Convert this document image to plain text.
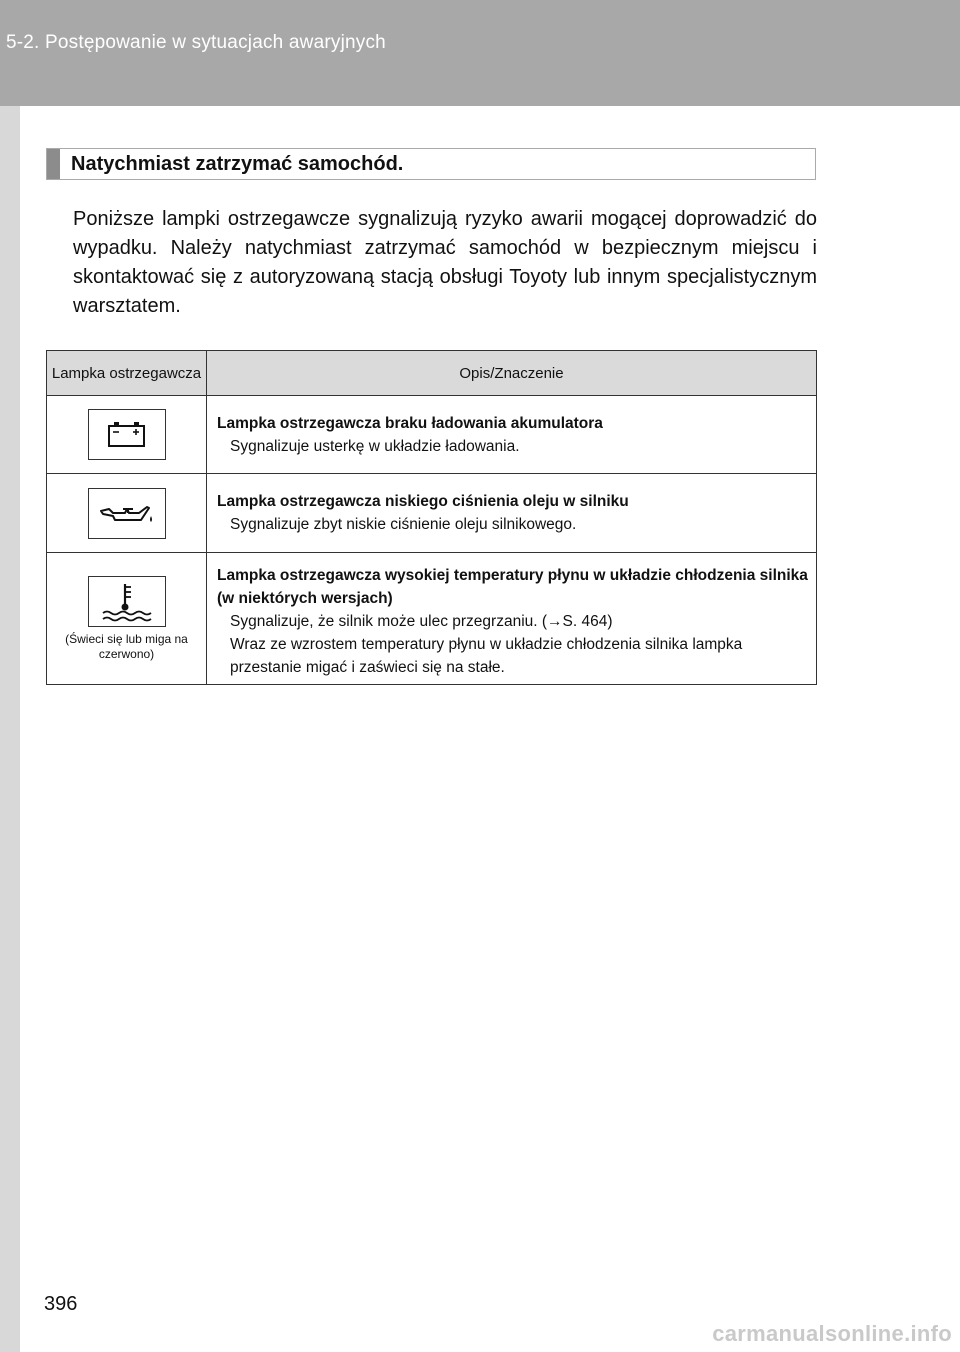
5-2. Postępowanie w sytuacjach awaryjnych
Natychmiast zatrzymać samochód.
Poniższe lampki ostrzegawcze sygnalizują ryzyko awarii mogącej doprowadzić do wypadku. Należy natychmiast zatrzymać samochód w bezpiecznym miejscu i skontaktować się z autoryzowaną stacją obsługi Toyoty lub innym specjalistycznym warsztatem.
Lampka ostrzegawcza	Opis/Znaczenie

Lampka ostrzegawcza braku ładowania akumulatora
Sygnalizuje usterkę w układzie ładowania.

Lampka ostrzegawcza niskiego ciśnienia oleju w silniku
Sygnalizuje zbyt niskie ciśnienie oleju silnikowego.

(Świeci się lub miga na czerwono)	Lampka ostrzegawcza wysokiej temperatury płynu w układzie chłodzenia silnika (w niektórych wersjach)
Sygnalizuje, że silnik może ulec przegrzaniu. (→S. 464)
Wraz ze wzrostem temperatury płynu w układzie chłodzenia silnika lampka przestanie migać i zaświeci się na stałe.
396
carmanualsonline.info
